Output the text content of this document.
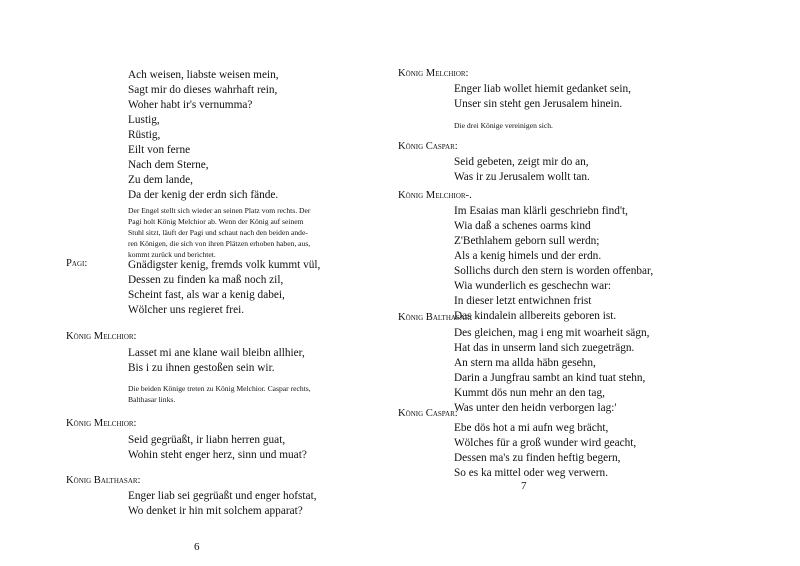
Ach weisen, liabste weisen mein,
Sagt mir do dieses wahrhaft rein,
Woher habt ir's vernumma?
Lustig,
Rüstig,
Eilt von ferne
Nach dem Sterne,
Zu dem lande,
Da der kenig der erdn sich fände.
Der Engel stellt sich wieder an seinen Platz vom rechts. Der
Pagi holt König Melchior ab. Wenn der König auf seinem
Stuhl sitzt, läuft der Pagi und schaut nach den beiden ande-
ren Königen, die sich von ihren Plätzen erhoben haben, aus,
kommt zurück und berichtet.
Pagi:	Gnädigster kenig, fremds volk kummt vül,
Dessen zu finden ka maß noch zil,
Scheint fast, als war a kenig dabei,
Wölcher uns regieret frei.
König Melchior:
Lasset mi ane klane wail bleibn allhier,
Bis i zu ihnen gestoßen sein wir.
Die beiden Könige treten zu König Melchior. Caspar rechts,
Balthasar links.
König Melchior:
Seid gegrüaßt, ir liabn herren guat,
Wohin steht enger herz, sinn und muat?
König Balthasar:
Enger liab sei gegrüaßt und enger hofstat,
Wo denket ir hin mit solchem apparat?
6
König Melchior:
Enger liab wollet hiemit gedanket sein,
Unser sin steht gen Jerusalem hinein.
Die drei Könige vereinigen sich.
König Caspar:
Seid gebeten, zeigt mir do an,
Was ir zu Jerusalem wollt tan.
König Melchior-.
Im Esaias man klärli geschriebn find't,
Wia daß a schenes oarms kind
Z'Bethlahem geborn sull werdn;
Als a kenig himels und der erdn.
Sollichs durch den stern is worden offenbar,
Wia wunderlich es geschechn war:
In dieser letzt entwichnen frist
Das kindalein allbereits geboren ist.
König Balthasar:
Des gleichen, mag i eng mit woarheit sägn,
Hat das in unserm land sich zuegeträgn.
An stern ma allda häbn gesehn,
Darin a Jungfrau sambt an kind tuat stehn,
Kummt dös nun mehr an den tag,
Was unter den heidn verborgen lag:'
König Caspar:
Ebe dös hot a mi aufn weg brächt,
Wölches für a groß wunder wird geacht,
Dessen ma's zu finden heftig begern,
So es ka mittel oder weg verwern.
7
